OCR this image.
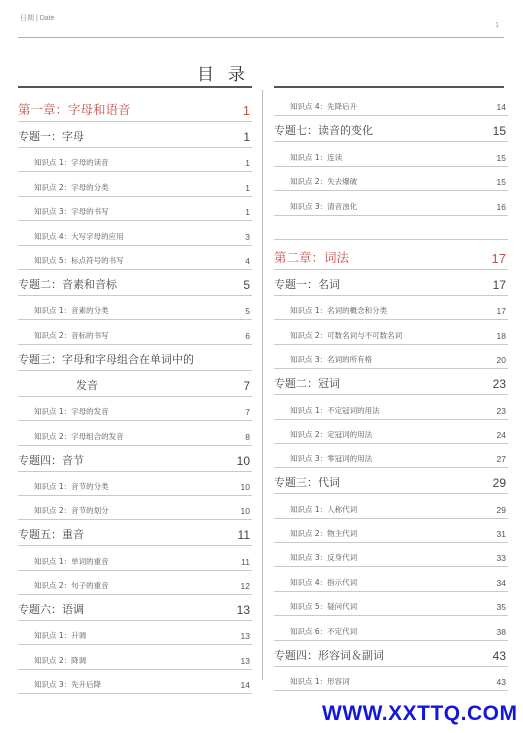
日期 | Date
1
目录
第一章：字母和语音	1
专题一：字母	1
知识点 1：字母的读音	1
知识点 2：字母的分类	1
知识点 3：字母的书写	1
知识点 4：大写字母的应用	3
知识点 5：标点符号的书写	4
专题二：音素和音标	5
知识点 1：音素的分类	5
知识点 2：音标的书写	6
专题三：字母和字母组合在单词中的
发音	7
知识点 1：字母的发音	7
知识点 2：字母组合的发音	8
专题四：音节	10
知识点 1：音节的分类	10
知识点 2：音节的划分	10
专题五：重音	11
知识点 1：单词的重音	11
知识点 2：句子的重音	12
专题六：语调	13
知识点 1：升调	13
知识点 2：降调	13
知识点 3：先升后降	14
知识点 4：先降后升	14
专题七：读音的变化	15
知识点 1：连读	15
知识点 2：失去爆破	15
知识点 3：清音浊化	16
第二章：词法	17
专题一：名词	17
知识点 1：名词的概念和分类	17
知识点 2：可数名词与不可数名词	18
知识点 3：名词的所有格	20
专题二：冠词	23
知识点 1：不定冠词的用法	23
知识点 2：定冠词的用法	24
知识点 3：零冠词的用法	27
专题三：代词	29
知识点 1：人称代词	29
知识点 2：物主代词	31
知识点 3：反身代词	33
知识点 4：指示代词	34
知识点 5：疑问代词	35
知识点 6：不定代词	38
专题四：形容词＆副词	43
知识点 1：形容词	43
WWW.XXTTQ.COM
